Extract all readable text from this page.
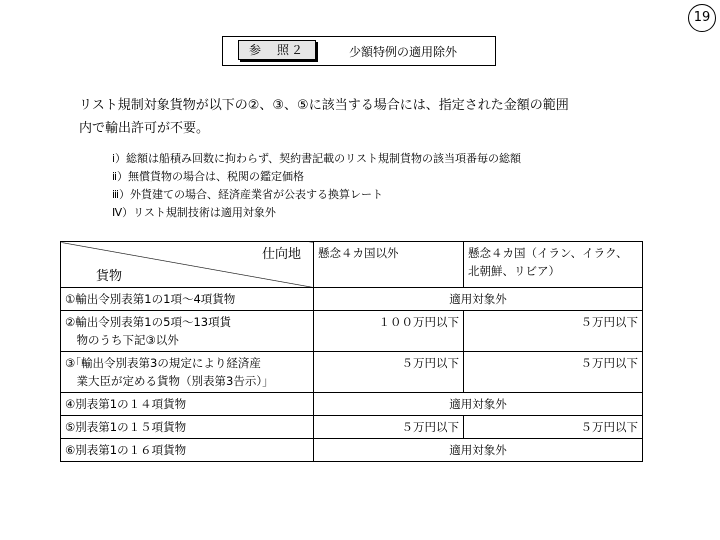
19
参　照２	少額特例の適用除外

リスト規制対象貨物が以下の②、③、⑤に該当する場合には、指定された金額の範囲
内で輸出許可が不要。

ⅰ）総額は船積み回数に拘わらず、契約書記載のリスト規制貨物の該当項番毎の総額
ⅱ）無償貨物の場合は、税関の鑑定価格
ⅲ）外貨建ての場合、経済産業省が公表する換算レート
Ⅳ）リスト規制技術は適用対象外
仕向地
貨物	懸念４カ国以外	懸念４カ国（イラン、イラク、
北朝鮮、リビア）
①輸出令別表第1の1項～4項貨物	適用対象外	
②輸出令別表第1の5項～13項貨
　物のうち下記③以外	１００万円以下	５万円以下
③｢輸出令別表第3の規定により経済産
　業大臣が定める貨物（別表第3告示）」	５万円以下	５万円以下
④別表第1の１４項貨物	適用対象外	
⑤別表第1の１５項貨物	５万円以下	５万円以下
⑥別表第1の１６項貨物	適用対象外	
